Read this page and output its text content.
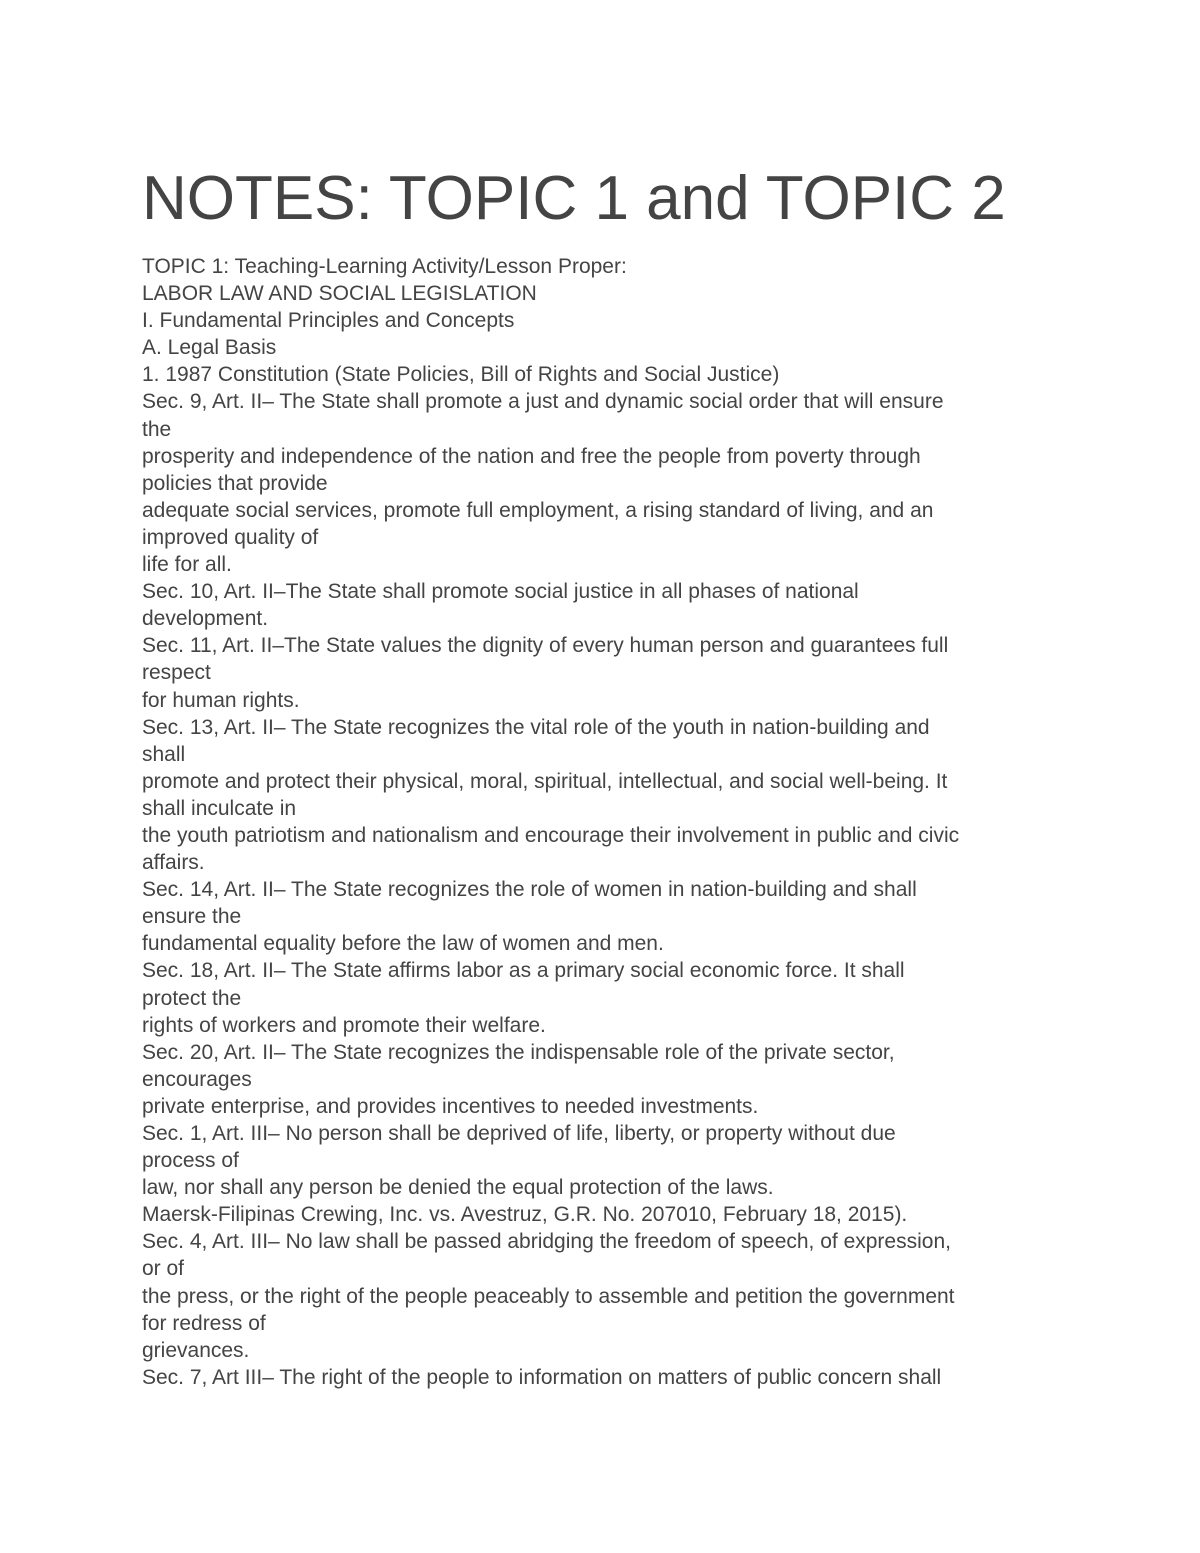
NOTES: TOPIC 1 and TOPIC 2
TOPIC 1: Teaching-Learning Activity/Lesson Proper:
LABOR LAW AND SOCIAL LEGISLATION
I. Fundamental Principles and Concepts
A. Legal Basis
1. 1987 Constitution (State Policies, Bill of Rights and Social Justice)
Sec. 9, Art. II– The State shall promote a just and dynamic social order that will ensure
the
prosperity and independence of the nation and free the people from poverty through
policies that provide
adequate social services, promote full employment, a rising standard of living, and an
improved quality of
life for all.
Sec. 10, Art. II–The State shall promote social justice in all phases of national
development.
Sec. 11, Art. II–The State values the dignity of every human person and guarantees full
respect
for human rights.
Sec. 13, Art. II– The State recognizes the vital role of the youth in nation-building and
shall
promote and protect their physical, moral, spiritual, intellectual, and social well-being. It
shall inculcate in
the youth patriotism and nationalism and encourage their involvement in public and civic
affairs.
Sec. 14, Art. II– The State recognizes the role of women in nation-building and shall
ensure the
fundamental equality before the law of women and men.
Sec. 18, Art. II– The State affirms labor as a primary social economic force. It shall
protect the
rights of workers and promote their welfare.
Sec. 20, Art. II– The State recognizes the indispensable role of the private sector,
encourages
private enterprise, and provides incentives to needed investments.
Sec. 1, Art. III– No person shall be deprived of life, liberty, or property without due
process of
law, nor shall any person be denied the equal protection of the laws.
Maersk-Filipinas Crewing, Inc. vs. Avestruz, G.R. No. 207010, February 18, 2015).
Sec. 4, Art. III– No law shall be passed abridging the freedom of speech, of expression,
or of
the press, or the right of the people peaceably to assemble and petition the government
for redress of
grievances.
Sec. 7, Art III– The right of the people to information on matters of public concern shall
